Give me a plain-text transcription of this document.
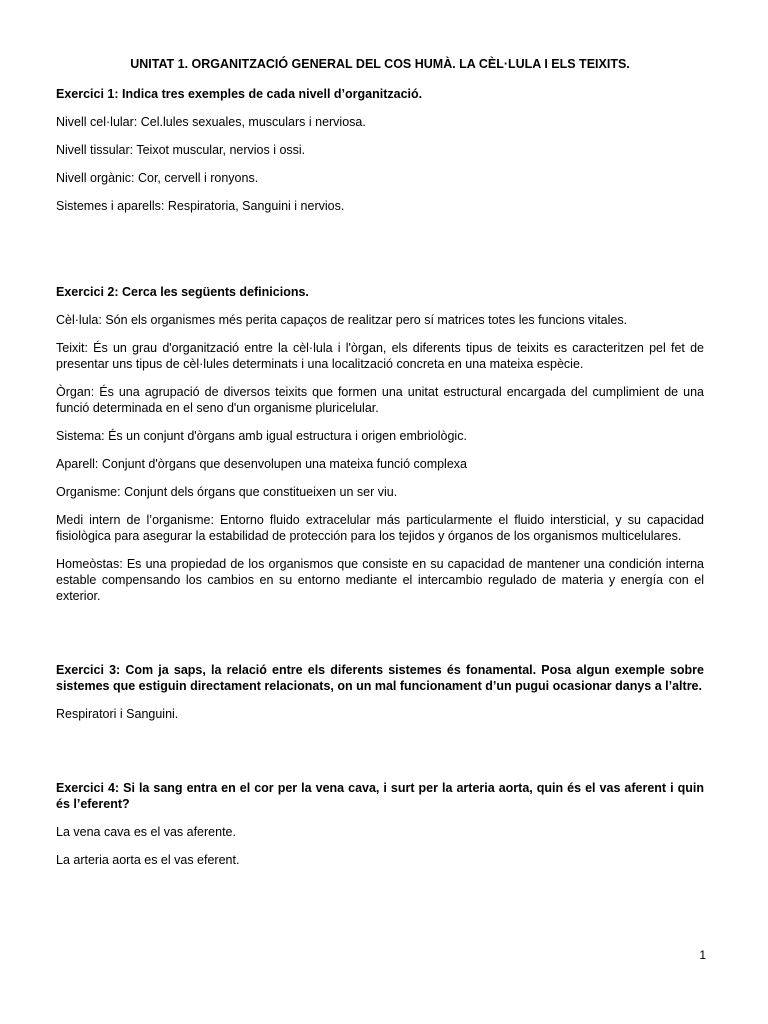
UNITAT 1. ORGANITZACIÓ GENERAL DEL COS HUMÀ. LA CÈL·LULA I ELS TEIXITS.
Exercici 1: Indica tres exemples de cada nivell d’organització.
Nivell cel·lular: Cel.lules sexuales, musculars i nerviosa.
Nivell tissular: Teixot muscular, nervios i ossi.
Nivell orgànic: Cor, cervell i ronyons.
Sistemes i aparells: Respiratoria, Sanguini i nervios.
Exercici 2: Cerca les següents definicions.
Cèl·lula: Són els organismes més perita capaços de realitzar pero sí matrices totes les funcions vitales.
Teixit: És un grau d'organització entre la cèl·lula i l'òrgan, els diferents tipus de teixits es caracteritzen pel fet de presentar uns tipus de cèl·lules determinats i una localització concreta en una mateixa espècie.
Òrgan: És una agrupació de diversos teixits que formen una unitat estructural encargada del cumplimient de una funció determinada en el seno d'un organisme pluricelular.
Sistema: És un conjunt d'òrgans amb igual estructura i origen embriològic.
Aparell: Conjunt d'òrgans que desenvolupen una mateixa funció complexa
Organisme: Conjunt dels órgans que constitueixen un ser viu.
Medi intern de l’organisme: Entorno fluido extracelular más particularmente el fluido intersticial, y su capacidad fisiològica para asegurar la estabilidad de protección para los tejidos y órganos de los organismos multicelulares.
Homeòstas: Es una propiedad de los organismos que consiste en su capacidad de mantener una condición interna estable compensando los cambios en su entorno mediante el intercambio regulado de materia y energía con el exterior.
Exercici 3: Com ja saps, la relació entre els diferents sistemes és fonamental. Posa algun exemple sobre sistemes que estiguin directament relacionats, on un mal funcionament d’un pugui ocasionar danys a l’altre.
Respiratori i Sanguini.
Exercici 4: Si la sang entra en el cor per la vena cava, i surt per la arteria aorta, quin és el vas aferent i quin és l’eferent?
La vena cava es el vas aferente.
La arteria aorta es el vas eferent.
1
